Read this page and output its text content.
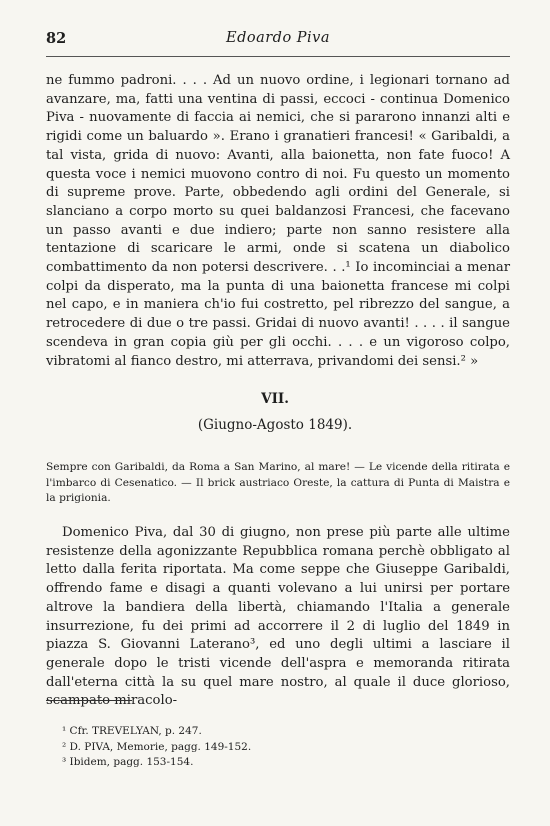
82	Edoardo Piva

ne fummo padroni. . . . Ad un nuovo ordine, i legionari tornano ad avanzare, ma, fatti una ventina di passi, eccoci - continua Domenico Piva - nuovamente di faccia ai nemici, che si pararono innanzi alti e rigidi come un baluardo ». Erano i granatieri francesi! « Garibaldi, a tal vista, grida di nuovo: Avanti, alla baionetta, non fate fuoco! A questa voce i nemici muovono contro di noi. Fu questo un momento di supreme prove. Parte, obbedendo agli ordini del Generale, si slanciano a corpo morto su quei baldanzosi Francesi, che facevano un passo avanti e due indiero; parte non sanno resistere alla tentazione di scaricare le armi, onde si scatena un diabolico combattimento da non potersi descrivere. . .¹ Io incominciai a menar colpi da disperato, ma la punta di una baionetta francese mi colpi nel capo, e in maniera ch'io fui costretto, pel ribrezzo del sangue, a retrocedere di due o tre passi. Gridai di nuovo avanti! . . . . il sangue scendeva in gran copia giù per gli occhi. . . . e un vigoroso colpo, vibratomi al fianco destro, mi atterrava, privandomi dei sensi.² »

VII.
(Giugno-Agosto 1849).

Sempre con Garibaldi, da Roma a San Marino, al mare! — Le vicende della ritirata e l'imbarco di Cesenatico. — Il brick austriaco Oreste, la cattura di Punta di Maistra e la prigionia.

Domenico Piva, dal 30 di giugno, non prese più parte alle ultime resistenze della agonizzante Repubblica romana perchè obbligato al letto dalla ferita riportata. Ma come seppe che Giuseppe Garibaldi, offrendo fame e disagi a quanti volevano a lui unirsi per portare altrove la bandiera della libertà, chiamando l'Italia a generale insurrezione, fu dei primi ad accorrere il 2 di luglio del 1849 in piazza S. Giovanni Laterano³, ed uno degli ultimi a lasciare il generale dopo le tristi vicende dell'aspra e memoranda ritirata dall'eterna città la su quel mare nostro, al quale il duce glorioso, scampato miracolo-

¹ Cfr. TREVELYAN, p. 247.

² D. PIVA, Memorie, pagg. 149-152.

³ Ibidem, pagg. 153-154.
